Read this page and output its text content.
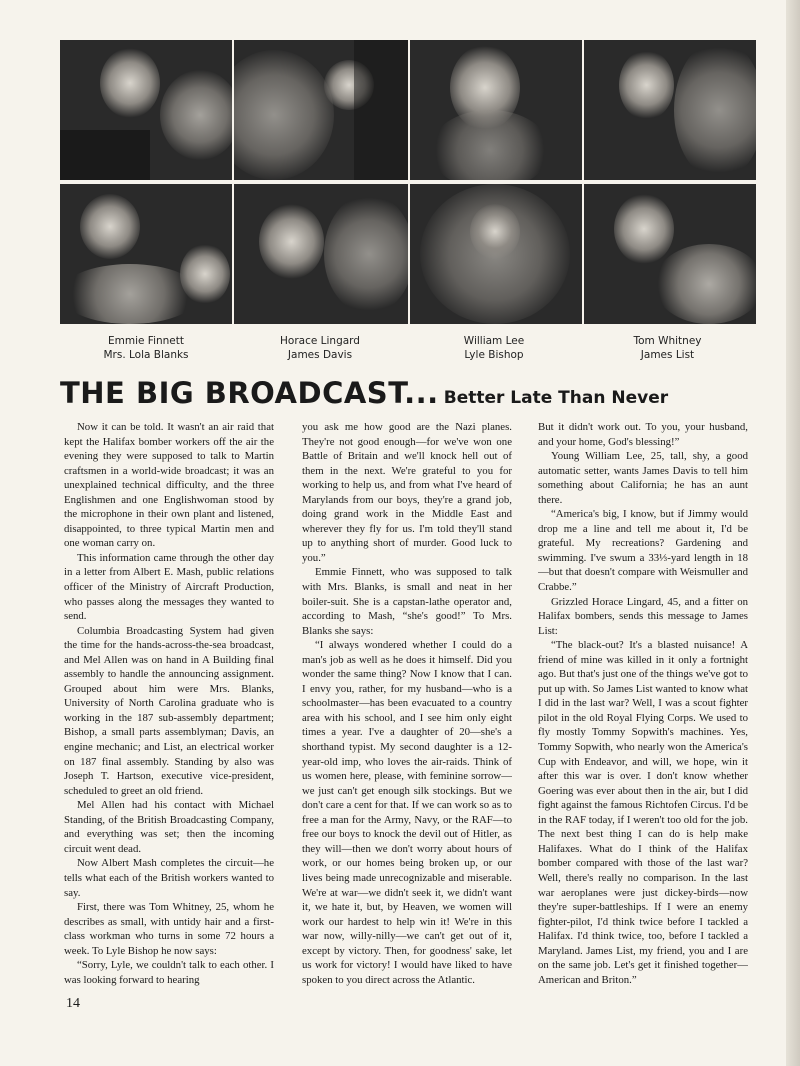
Emmie Finnett
Mrs. Lola Blanks
Horace Lingard
James Davis
William Lee
Lyle Bishop
Tom Whitney
James List
THE BIG BROADCAST... Better Late Than Never

Now it can be told. It wasn't an air raid that kept the Halifax bomber workers off the air the evening they were supposed to talk to Martin craftsmen in a world-wide broadcast; it was an unexplained technical difficulty, and the three Englishmen and one Englishwoman stood by the microphone in their own plant and listened, disappointed, to three typical Martin men and one woman carry on.

This information came through the other day in a letter from Albert E. Mash, public relations officer of the Ministry of Aircraft Production, who passes along the messages they wanted to send.

Columbia Broadcasting System had given the time for the hands-across-the-sea broadcast, and Mel Allen was on hand in A Building final assembly to handle the announcing assignment. Grouped about him were Mrs. Blanks, University of North Carolina graduate who is working in the 187 sub-assembly department; Bishop, a small parts assemblyman; Davis, an engine mechanic; and List, an electrical worker on 187 final assembly. Standing by also was Joseph T. Hartson, executive vice-president, scheduled to greet an old friend.

Mel Allen had his contact with Michael Standing, of the British Broadcasting Company, and everything was set; then the incoming circuit went dead.

Now Albert Mash completes the circuit—he tells what each of the British workers wanted to say.

First, there was Tom Whitney, 25, whom he describes as small, with untidy hair and a first-class workman who turns in some 72 hours a week. To Lyle Bishop he now says:

“Sorry, Lyle, we couldn't talk to each other. I was looking forward to hearing

you ask me how good are the Nazi planes. They're not good enough—for we've won one Battle of Britain and we'll knock hell out of them in the next. We're grateful to you for working to help us, and from what I've heard of Marylands from our boys, they're a grand job, doing grand work in the Middle East and wherever they fly for us. I'm told they'll stand up to anything short of murder. Good luck to you.”

Emmie Finnett, who was supposed to talk with Mrs. Blanks, is small and neat in her boiler-suit. She is a capstan-lathe operator and, according to Mash, “she's good!” To Mrs. Blanks she says:

“I always wondered whether I could do a man's job as well as he does it himself. Did you wonder the same thing? Now I know that I can. I envy you, rather, for my husband—who is a schoolmaster—has been evacuated to a country area with his school, and I see him only eight times a year. I've a daughter of 20—she's a shorthand typist. My second daughter is a 12-year-old imp, who loves the air-raids. Think of us women here, please, with feminine sorrow—we just can't get enough silk stockings. But we don't care a cent for that. If we can work so as to free a man for the Army, Navy, or the RAF—to free our boys to knock the devil out of Hitler, as they will—then we don't worry about hours of work, or our homes being broken up, or our lives being made unrecognizable and miserable. We're at war—we didn't seek it, we didn't want it, we hate it, but, by Heaven, we women will work our hardest to help win it! We're in this war now, willy-nilly—we can't get out of it, except by victory. Then, for goodness' sake, let us work for victory! I would have liked to have spoken to you direct across the Atlantic.

But it didn't work out. To you, your husband, and your home, God's blessing!”

Young William Lee, 25, tall, shy, a good automatic setter, wants James Davis to tell him something about California; he has an aunt there.

“America's big, I know, but if Jimmy would drop me a line and tell me about it, I'd be grateful. My recreations? Gardening and swimming. I've swum a 33⅓-yard length in 18—but that doesn't compare with Weismuller and Crabbe.”

Grizzled Horace Lingard, 45, and a fitter on Halifax bombers, sends this message to James List:

“The black-out? It's a blasted nuisance! A friend of mine was killed in it only a fortnight ago. But that's just one of the things we've got to put up with. So James List wanted to know what I did in the last war? Well, I was a scout fighter pilot in the old Royal Flying Corps. We used to fly mostly Tommy Sopwith's machines. Yes, Tommy Sopwith, who nearly won the America's Cup with Endeavor, and will, we hope, win it after this war is over. I don't know whether Goering was ever about then in the air, but I did fight against the famous Richtofen Circus. I'd be in the RAF today, if I weren't too old for the job. The next best thing I can do is help make Halifaxes. What do I think of the Halifax bomber compared with those of the last war? Well, there's really no comparison. In the last war aeroplanes were just dickey-birds—now they're super-battleships. If I were an enemy fighter-pilot, I'd think twice before I tackled a Halifax. I'd think twice, too, before I tackled a Maryland. James List, my friend, you and I are on the same job. Let's get it finished together—American and Briton.”

14
